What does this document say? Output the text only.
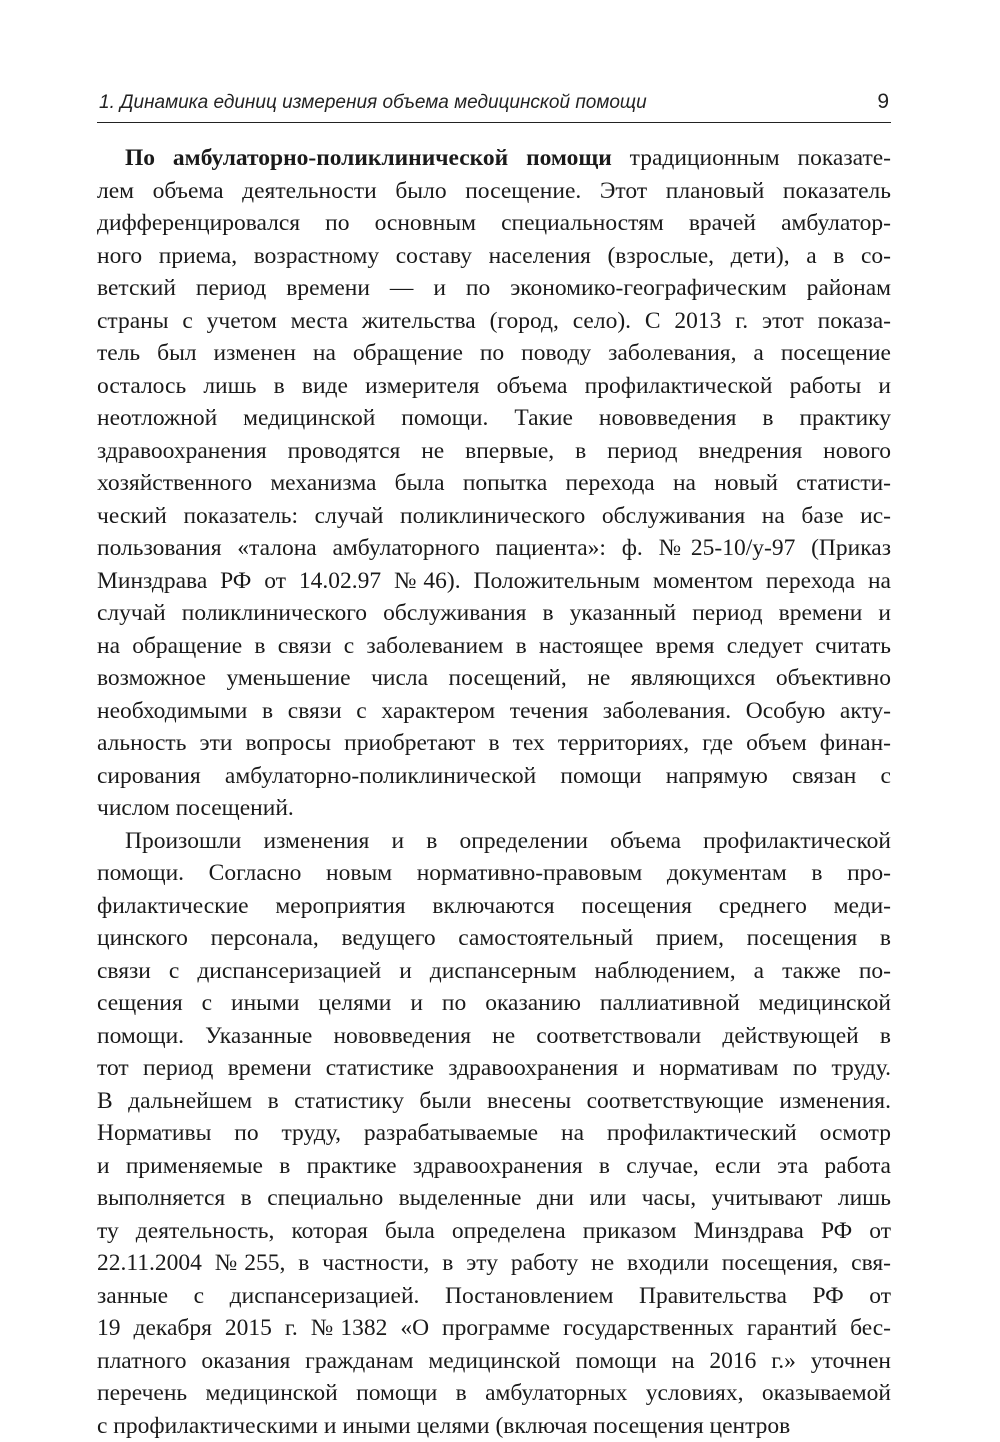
1. Динамика единиц измерения объема медицинской помощи	9
По амбулаторно-поликлинической помощи традиционным показате-
лем объема деятельности было посещение. Этот плановый показатель
дифференцировался по основным специальностям врачей амбулатор-
ного приема, возрастному составу населения (взрослые, дети), а в со-
ветский период времени — и по экономико-географическим районам
страны с учетом места жительства (город, село). С 2013 г. этот показа-
тель был изменен на обращение по поводу заболевания, а посещение
осталось лишь в виде измерителя объема профилактической работы и
неотложной медицинской помощи. Такие нововведения в практику
здравоохранения проводятся не впервые, в период внедрения нового
хозяйственного механизма была попытка перехода на новый статисти-
ческий показатель: случай поликлинического обслуживания на базе ис-
пользования «талона амбулаторного пациента»: ф. №25-10/у-97 (Приказ
Минздрава РФ от 14.02.97 №46). Положительным моментом перехода на
случай поликлинического обслуживания в указанный период времени и
на обращение в связи с заболеванием в настоящее время следует считать
возможное уменьшение числа посещений, не являющихся объективно
необходимыми в связи с характером течения заболевания. Особую акту-
альность эти вопросы приобретают в тех территориях, где объем финан-
сирования амбулаторно-поликлинической помощи напрямую связан с
числом посещений.
Произошли изменения и в определении объема профилактической
помощи. Согласно новым нормативно-правовым документам в про-
филактические мероприятия включаются посещения среднего меди-
цинского персонала, ведущего самостоятельный прием, посещения в
связи с диспансеризацией и диспансерным наблюдением, а также по-
сещения с иными целями и по оказанию паллиативной медицинской
помощи. Указанные нововведения не соответствовали действующей в
тот период времени статистике здравоохранения и нормативам по труду.
В дальнейшем в статистику были внесены соответствующие изменения.
Нормативы по труду, разрабатываемые на профилактический осмотр
и применяемые в практике здравоохранения в случае, если эта работа
выполняется в специально выделенные дни или часы, учитывают лишь
ту деятельность, которая была определена приказом Минздрава РФ от
22.11.2004 №255, в частности, в эту работу не входили посещения, свя-
занные с диспансеризацией. Постановлением Правительства РФ от
19 декабря 2015 г. №1382 «О программе государственных гарантий бес-
платного оказания гражданам медицинской помощи на 2016 г.» уточнен
перечень медицинской помощи в амбулаторных условиях, оказываемой
с профилактическими и иными целями (включая посещения центров
